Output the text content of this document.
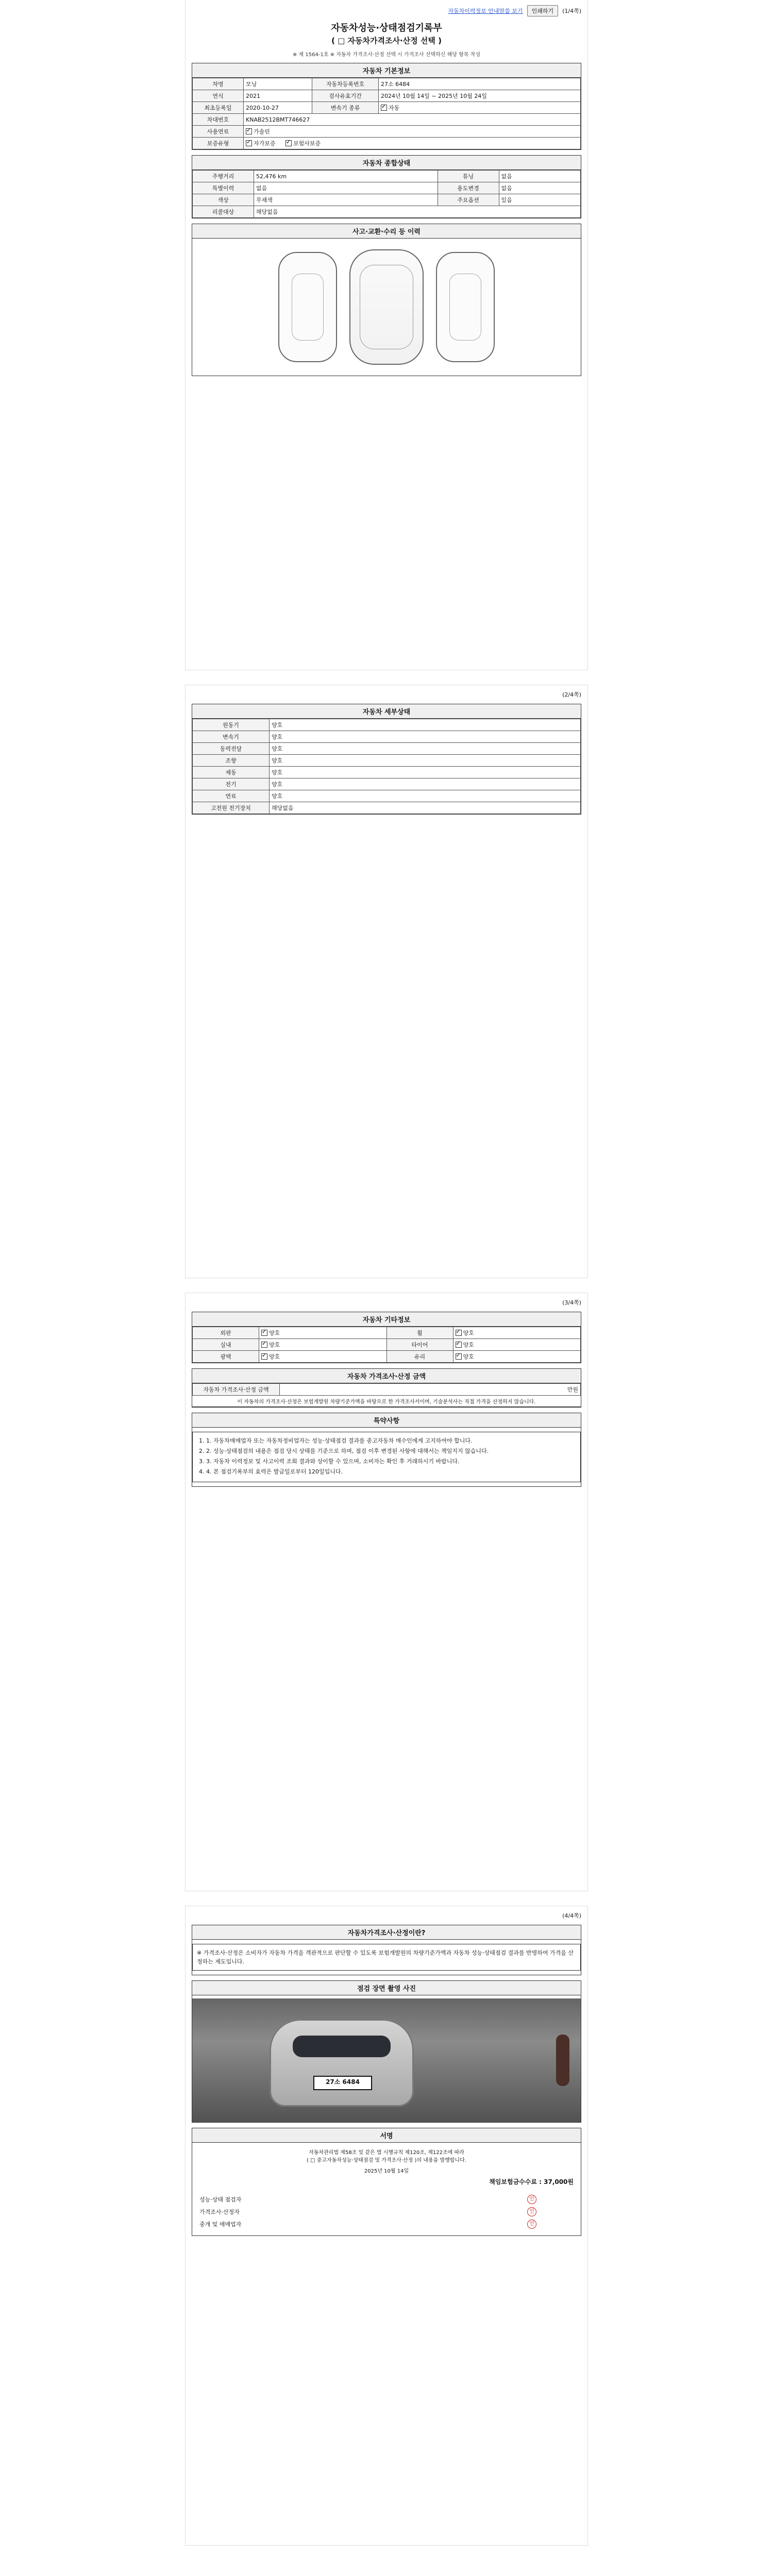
자동차이력정보 안내말씀 보기	인쇄하기	(1/4쪽)
자동차성능·상태점검기록부
( □ 자동차가격조사·산정 선택 )
※ 제 1564-1호 ※ 자동차 가격조사·산정 선택 시 가격조사 선택하신 해당 항목 작성
자동차 기본정보
차명	모닝	자동차등록번호	27소 6484
연식	2021	검사유효기간	2024년 10월 14일 ~ 2025년 10월 24일
최초등록일	2020-10-27	변속기 종류	✓자동
차대번호	KNAB2512BMT746627		
사용연료	✓가솔린
보증유형	✓자가보증 ✓ 보험사보증
자동차 종합상태
주행거리	52,476 km	튜닝	없음
특별이력	없음	용도변경	없음
색상	무채색	주요옵션	있음
리콜대상	해당없음		
사고·교환·수리 등 이력
(2/4쪽)
자동차 세부상태
원동기	양호
변속기	양호
동력전달	양호
조향	양호
제동	양호
전기	양호
연료	양호
고전원 전기장치	해당없음
(3/4쪽)
자동차 기타정보
외판	✓양호	휠	✓양호
실내	✓양호	타이어	✓양호
광택	✓양호	유리	✓양호
자동차 가격조사·산정 금액
자동차 가격조사·산정 금액	만원
이 자동차의 가격조사·산정은 보험개발원 차량기준가액을 바탕으로 한 가격조사서이며, 기술분석사는 직접 가격을 산정하지 않습니다.
특약사항
1. 1. 자동차매매업자 또는 자동차정비업자는 성능·상태점검 결과를 중고자동차 매수인에게 고지하여야 합니다.
2. 2. 성능·상태점검의 내용은 점검 당시 상태를 기준으로 하며, 점검 이후 변경된 사항에 대해서는 책임지지 않습니다.
3. 3. 자동차 이력정보 및 사고이력 조회 결과와 상이할 수 있으며, 소비자는 확인 후 거래하시기 바랍니다.
4. 4. 본 점검기록부의 효력은 발급일로부터 120일입니다.
(4/4쪽)
자동차가격조사·산정이란?
※ 가격조사·산정은 소비자가 자동차 가격을 객관적으로 판단할 수 있도록 보험개발원의 차량기준가액과 자동차 성능·상태점검 결과를 반영하여 가격을 산정하는 제도입니다.
점검 장면 촬영 사진
27소 6484
서명
자동차관리법 제58조 및 같은 법 시행규칙 제120조, 제122조에 따라
( □ 중고자동차성능·상태점검 및 가격조사·산정 )의 내용을 발행합니다.
2025년 10월 14일
책임보험금수수료 : 37,000원
성능·상태 점검자	인
가격조사·산정자	인
중개 및 매매업자	인
